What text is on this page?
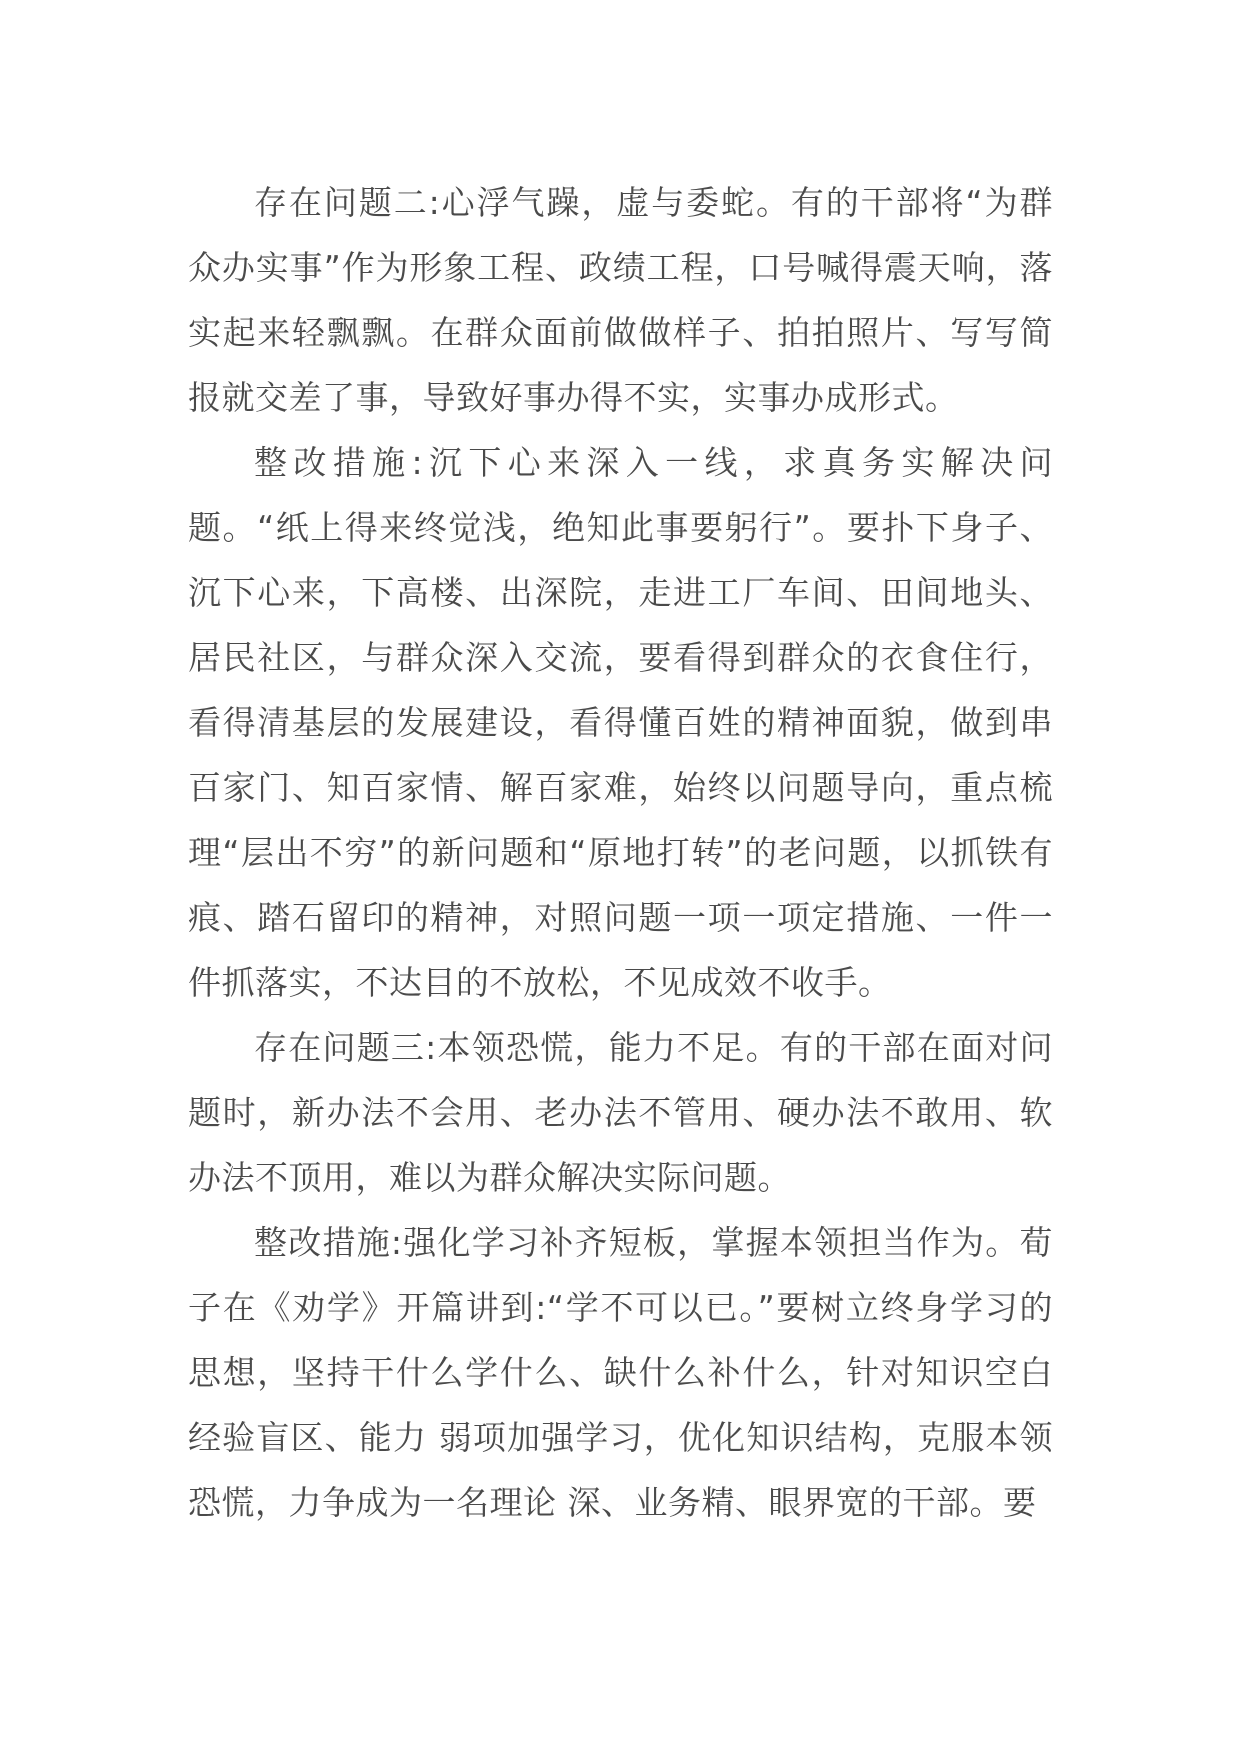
存在问题二:心浮气躁，虚与委蛇。有的干部将“为群众办实事”作为形象工程、政绩工程，口号喊得震天响，落实起来轻飘飘。在群众面前做做样子、拍拍照片、写写简报就交差了事，导致好事办得不实，实事办成形式。

整改措施:沉下心来深入一线，求真务实解决问题。“纸上得来终觉浅，绝知此事要躬行”。要扑下身子、沉下心来，下高楼、出深院，走进工厂车间、田间地头、居民社区，与群众深入交流，要看得到群众的衣食住行，看得清基层的发展建设，看得懂百姓的精神面貌，做到串百家门、知百家情、解百家难，始终以问题导向，重点梳理“层出不穷”的新问题和“原地打转”的老问题，以抓铁有痕、踏石留印的精神，对照问题一项一项定措施、一件一件抓落实，不达目的不放松，不见成效不收手。

存在问题三:本领恐慌，能力不足。有的干部在面对问题时，新办法不会用、老办法不管用、硬办法不敢用、软办法不顶用，难以为群众解决实际问题。

整改措施:强化学习补齐短板，掌握本领担当作为。荀子在《劝学》开篇讲到:“学不可以已。”要树立终身学习的思想，坚持干什么学什么、缺什么补什么，针对知识空白经验盲区、能力 弱项加强学习，优化知识结构，克服本领恐慌，力争成为一名理论 深、业务精、眼界宽的干部。要
